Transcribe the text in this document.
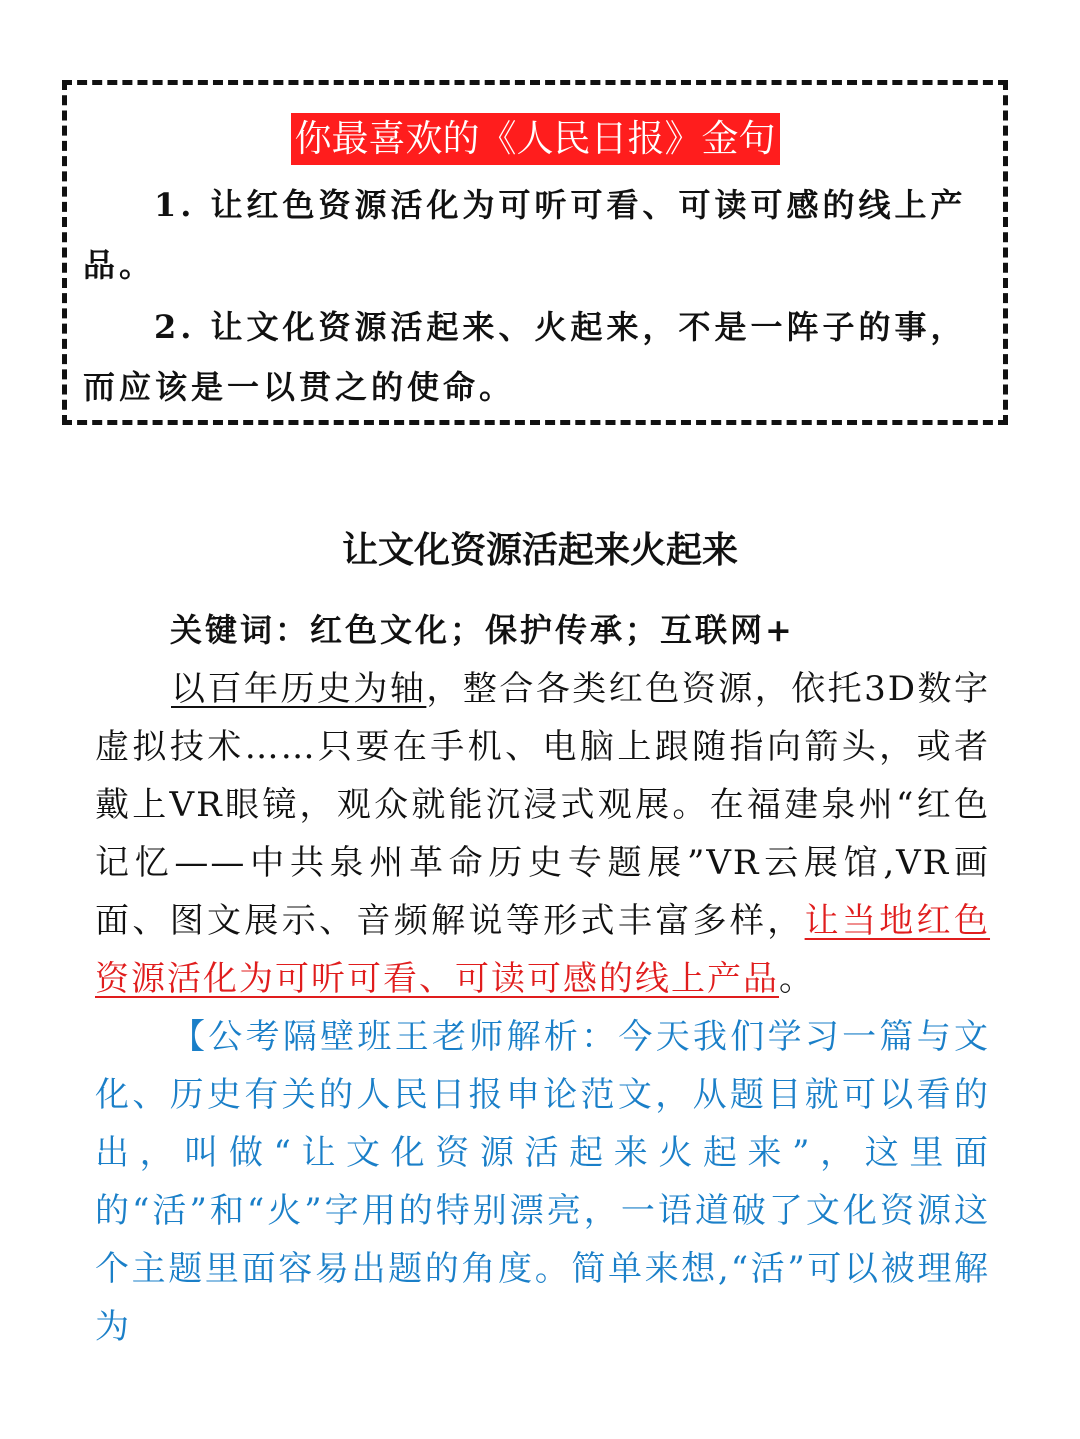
你最喜欢的《人民日报》金句
1. 让红色资源活化为可听可看、可读可感的线上产品。
2. 让文化资源活起来、火起来，不是一阵子的事，而应该是一以贯之的使命。
让文化资源活起来火起来
关键词：红色文化；保护传承；互联网+
以百年历史为轴，整合各类红色资源，依托3D数字虚拟技术……只要在手机、电脑上跟随指向箭头，或者戴上VR眼镜，观众就能沉浸式观展。在福建泉州“红色记忆——中共泉州革命历史专题展”VR云展馆,VR画面、图文展示、音频解说等形式丰富多样，让当地红色资源活化为可听可看、可读可感的线上产品。
【公考隔壁班王老师解析：今天我们学习一篇与文化、历史有关的人民日报申论范文，从题目就可以看的出，叫做“让文化资源活起来火起来”，这里面的“活”和“火”字用的特别漂亮，一语道破了文化资源这个主题里面容易出题的角度。简单来想,“活”可以被理解为
